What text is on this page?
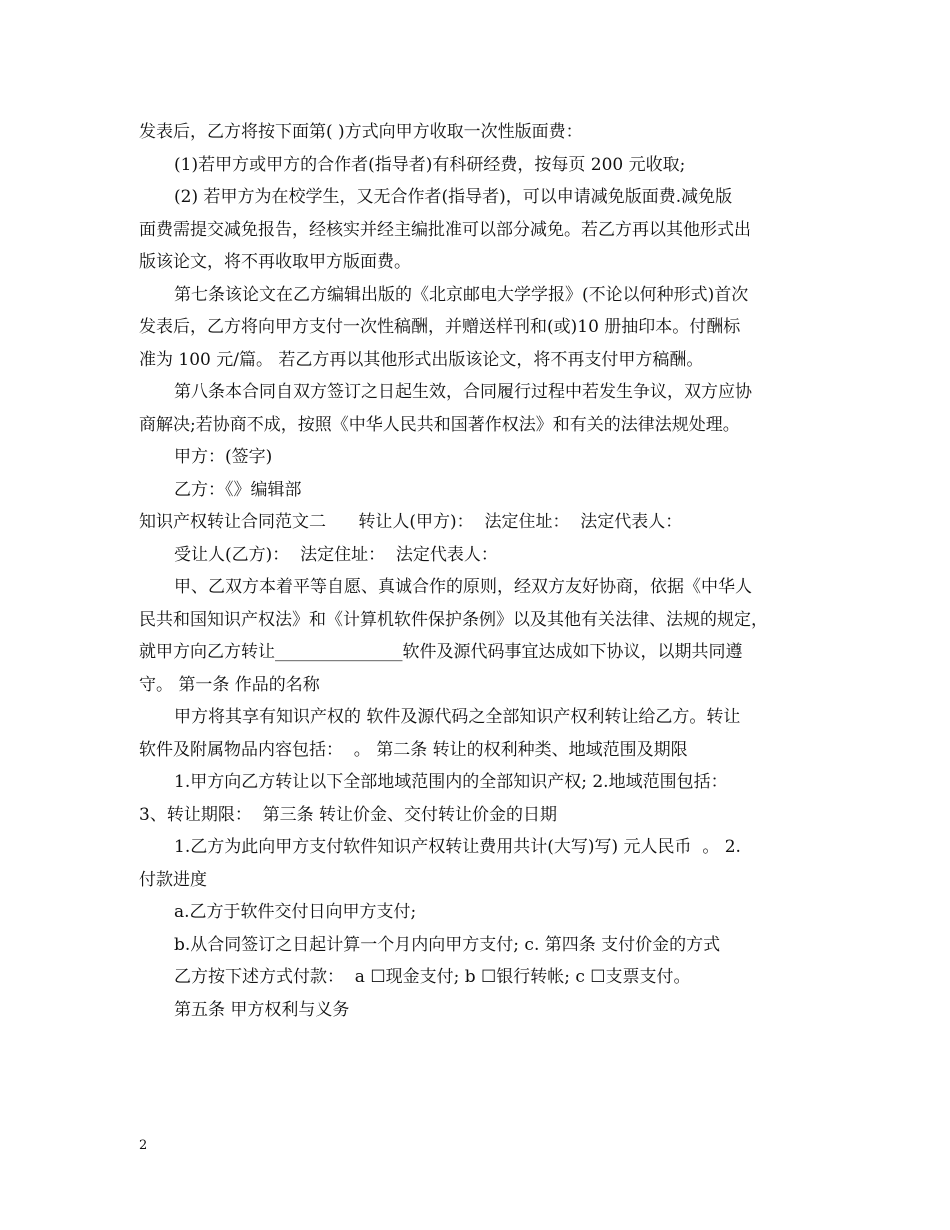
发表后，乙方将按下面第( )方式向甲方收取一次性版面费：
(1)若甲方或甲方的合作者(指导者)有科研经费，按每页 200 元收取;
(2) 若甲方为在校学生，又无合作者(指导者)，可以申请减免版面费.减免版
面费需提交减免报告，经核实并经主编批准可以部分减免。若乙方再以其他形式出
版该论文，将不再收取甲方版面费。
第七条该论文在乙方编辑出版的《北京邮电大学学报》(不论以何种形式)首次
发表后，乙方将向甲方支付一次性稿酬，并赠送样刊和(或)10 册抽印本。付酬标
准为 100 元/篇。 若乙方再以其他形式出版该论文，将不再支付甲方稿酬。
第八条本合同自双方签订之日起生效，合同履行过程中若发生争议，双方应协
商解决;若协商不成，按照《中华人民共和国著作权法》和有关的法律法规处理。
甲方：(签字)
乙方：《》编辑部
知识产权转让合同范文二      转让人(甲方)：  法定住址：  法定代表人：
受让人(乙方)：  法定住址：  法定代表人：
甲、乙双方本着平等自愿、真诚合作的原则，经双方友好协商，依据《中华人
民共和国知识产权法》和《计算机软件保护条例》以及其他有关法律、法规的规定，
就甲方向乙方转让_______________软件及源代码事宜达成如下协议，以期共同遵
守。 第一条 作品的名称
甲方将其享有知识产权的 软件及源代码之全部知识产权利转让给乙方。转让
软件及附属物品内容包括：  。 第二条 转让的权利种类、地域范围及期限
1.甲方向乙方转让以下全部地域范围内的全部知识产权; 2.地域范围包括：
3、转让期限：  第三条 转让价金、交付转让价金的日期
1.乙方为此向甲方支付软件知识产权转让费用共计(大写)写) 元人民币  。 2.
付款进度
a.乙方于软件交付日向甲方支付;
b.从合同签订之日起计算一个月内向甲方支付; c. 第四条 支付价金的方式
乙方按下述方式付款：  a ☐现金支付; b ☐银行转帐; c ☐支票支付。
第五条 甲方权利与义务
2
